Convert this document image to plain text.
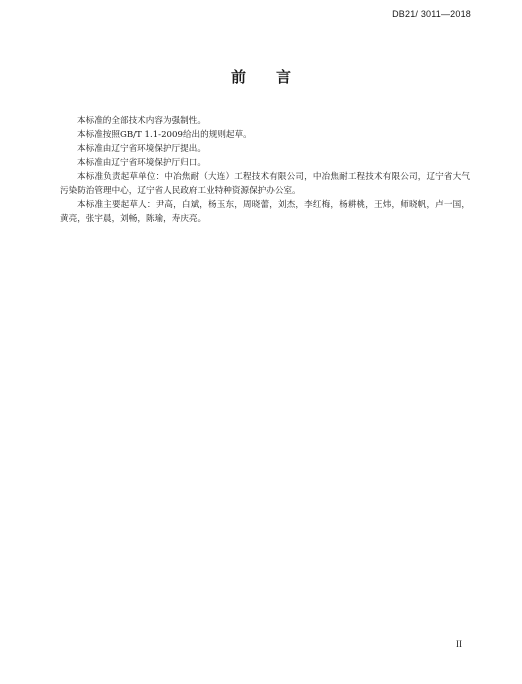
DB21/ 3011—2018
前 言

本标准的全部技术内容为强制性。

本标准按照GB/T 1.1-2009给出的规则起草。

本标准由辽宁省环境保护厅提出。

本标准由辽宁省环境保护厅归口。

本标准负责起草单位：中冶焦耐（大连）工程技术有限公司，中冶焦耐工程技术有限公司，辽宁省大气污染防治管理中心，辽宁省人民政府工业特种资源保护办公室。

本标准主要起草人：尹高，白斌，杨玉东，周晓蕾，刘杰，李红梅，杨耕桃，王炜，师晓帆，卢一国，黄亮，张宇晨，刘畅，陈瑜，寿庆亮。

II
